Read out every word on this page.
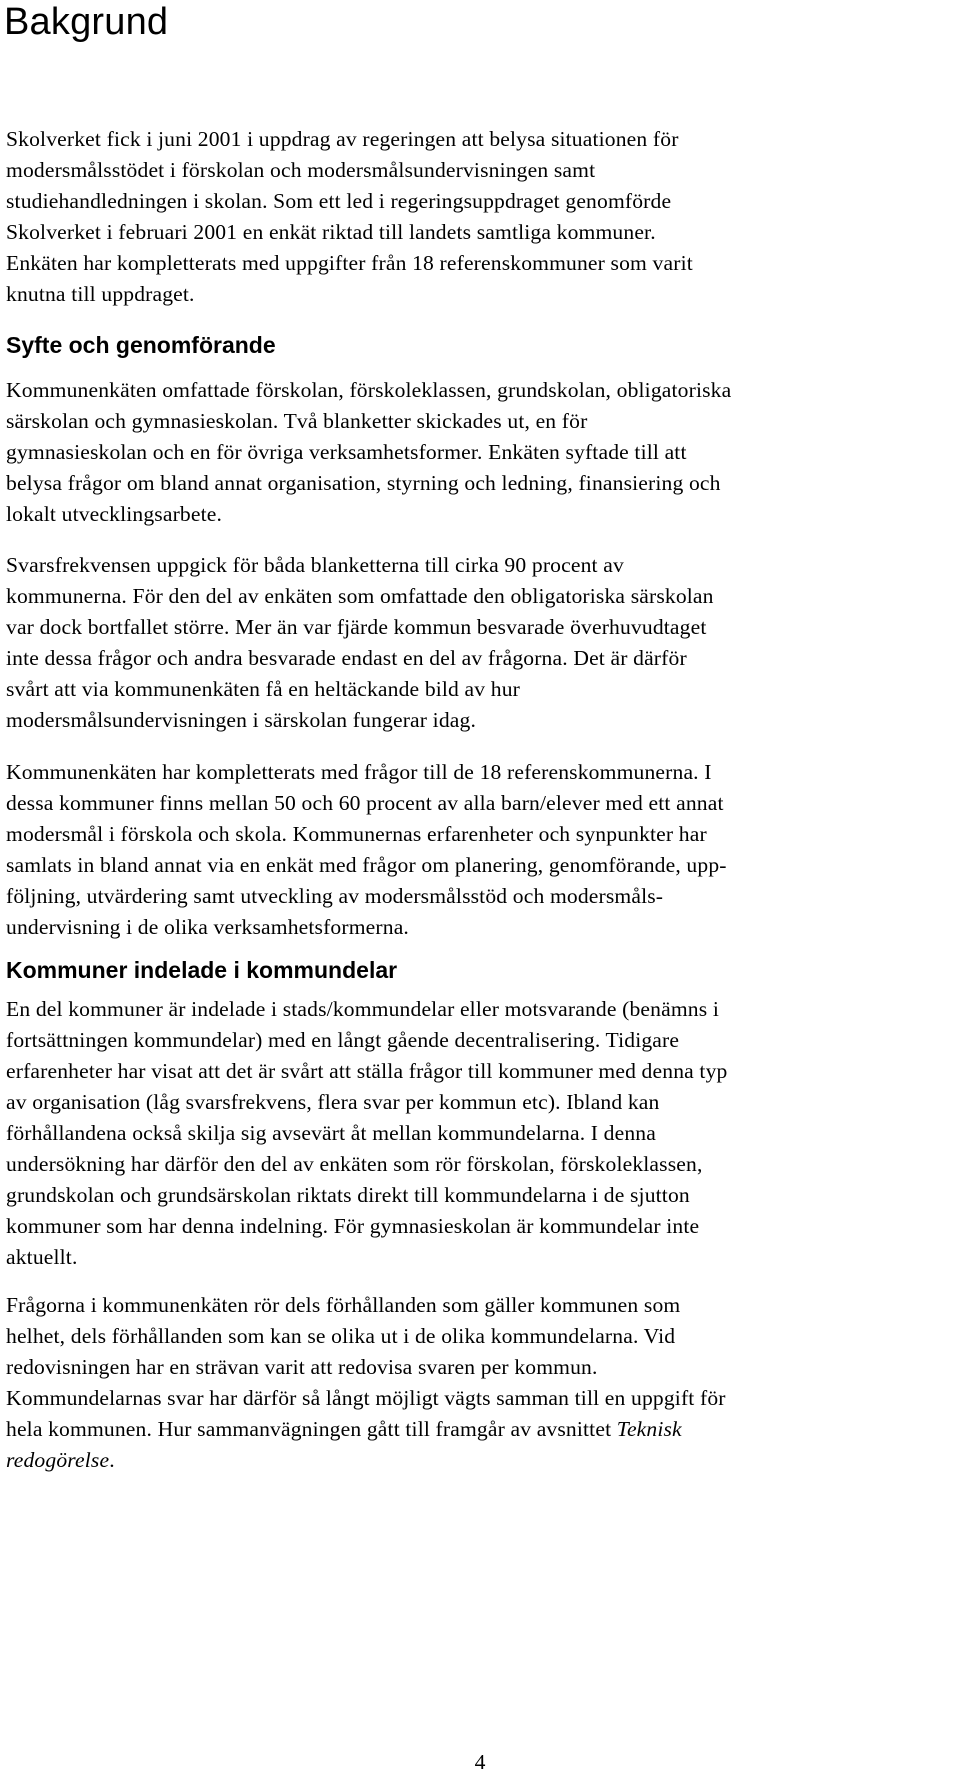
Bakgrund

Skolverket fick i juni 2001 i uppdrag av regeringen att belysa situationen för
modersmålsstödet i förskolan och modersmålsundervisningen samt
studiehandledningen i skolan. Som ett led i regeringsuppdraget genomförde
Skolverket i februari 2001 en enkät riktad till landets samtliga kommuner.
Enkäten har kompletterats med uppgifter från 18 referenskommuner som varit
knutna till uppdraget.

Syfte och genomförande

Kommunenkäten omfattade förskolan, förskoleklassen, grundskolan, obligatoriska
särskolan och gymnasieskolan. Två blanketter skickades ut, en för
gymnasieskolan och en för övriga verksamhetsformer. Enkäten syftade till att
belysa frågor om bland annat organisation, styrning och ledning, finansiering och
lokalt utvecklingsarbete.

Svarsfrekvensen uppgick för båda blanketterna till cirka 90 procent av
kommunerna. För den del av enkäten som omfattade den obligatoriska särskolan
var dock bortfallet större. Mer än var fjärde kommun besvarade överhuvudtaget
inte dessa frågor och andra besvarade endast en del av frågorna. Det är därför
svårt att via kommunenkäten få en heltäckande bild av hur
modersmålsundervisningen i särskolan fungerar idag.

Kommunenkäten har kompletterats med frågor till de 18 referenskommunerna. I
dessa kommuner finns mellan 50 och 60 procent av alla barn/elever med ett annat
modersmål i förskola och skola. Kommunernas erfarenheter och synpunkter har
samlats in bland annat via en enkät med frågor om planering, genomförande, upp-
följning, utvärdering samt utveckling av modersmålsstöd och modersmåls-
undervisning i de olika verksamhetsformerna.

Kommuner indelade i kommundelar

En del kommuner är indelade i stads/kommundelar eller motsvarande (benämns i
fortsättningen kommundelar) med en långt gående decentralisering. Tidigare
erfarenheter har visat att det är svårt att ställa frågor till kommuner med denna typ
av organisation (låg svarsfrekvens, flera svar per kommun etc). Ibland kan
förhållandena också skilja sig avsevärt åt mellan kommundelarna. I denna
undersökning har därför den del av enkäten som rör förskolan, förskoleklassen,
grundskolan och grundsärskolan riktats direkt till kommundelarna i de sjutton
kommuner som har denna indelning. För gymnasieskolan är kommundelar inte
aktuellt.

Frågorna i kommunenkäten rör dels förhållanden som gäller kommunen som
helhet, dels förhållanden som kan se olika ut i de olika kommundelarna. Vid
redovisningen har en strävan varit att redovisa svaren per kommun.
Kommundelarnas svar har därför så långt möjligt vägts samman till en uppgift för
hela kommunen. Hur sammanvägningen gått till framgår av avsnittet Teknisk
redogörelse.

4
